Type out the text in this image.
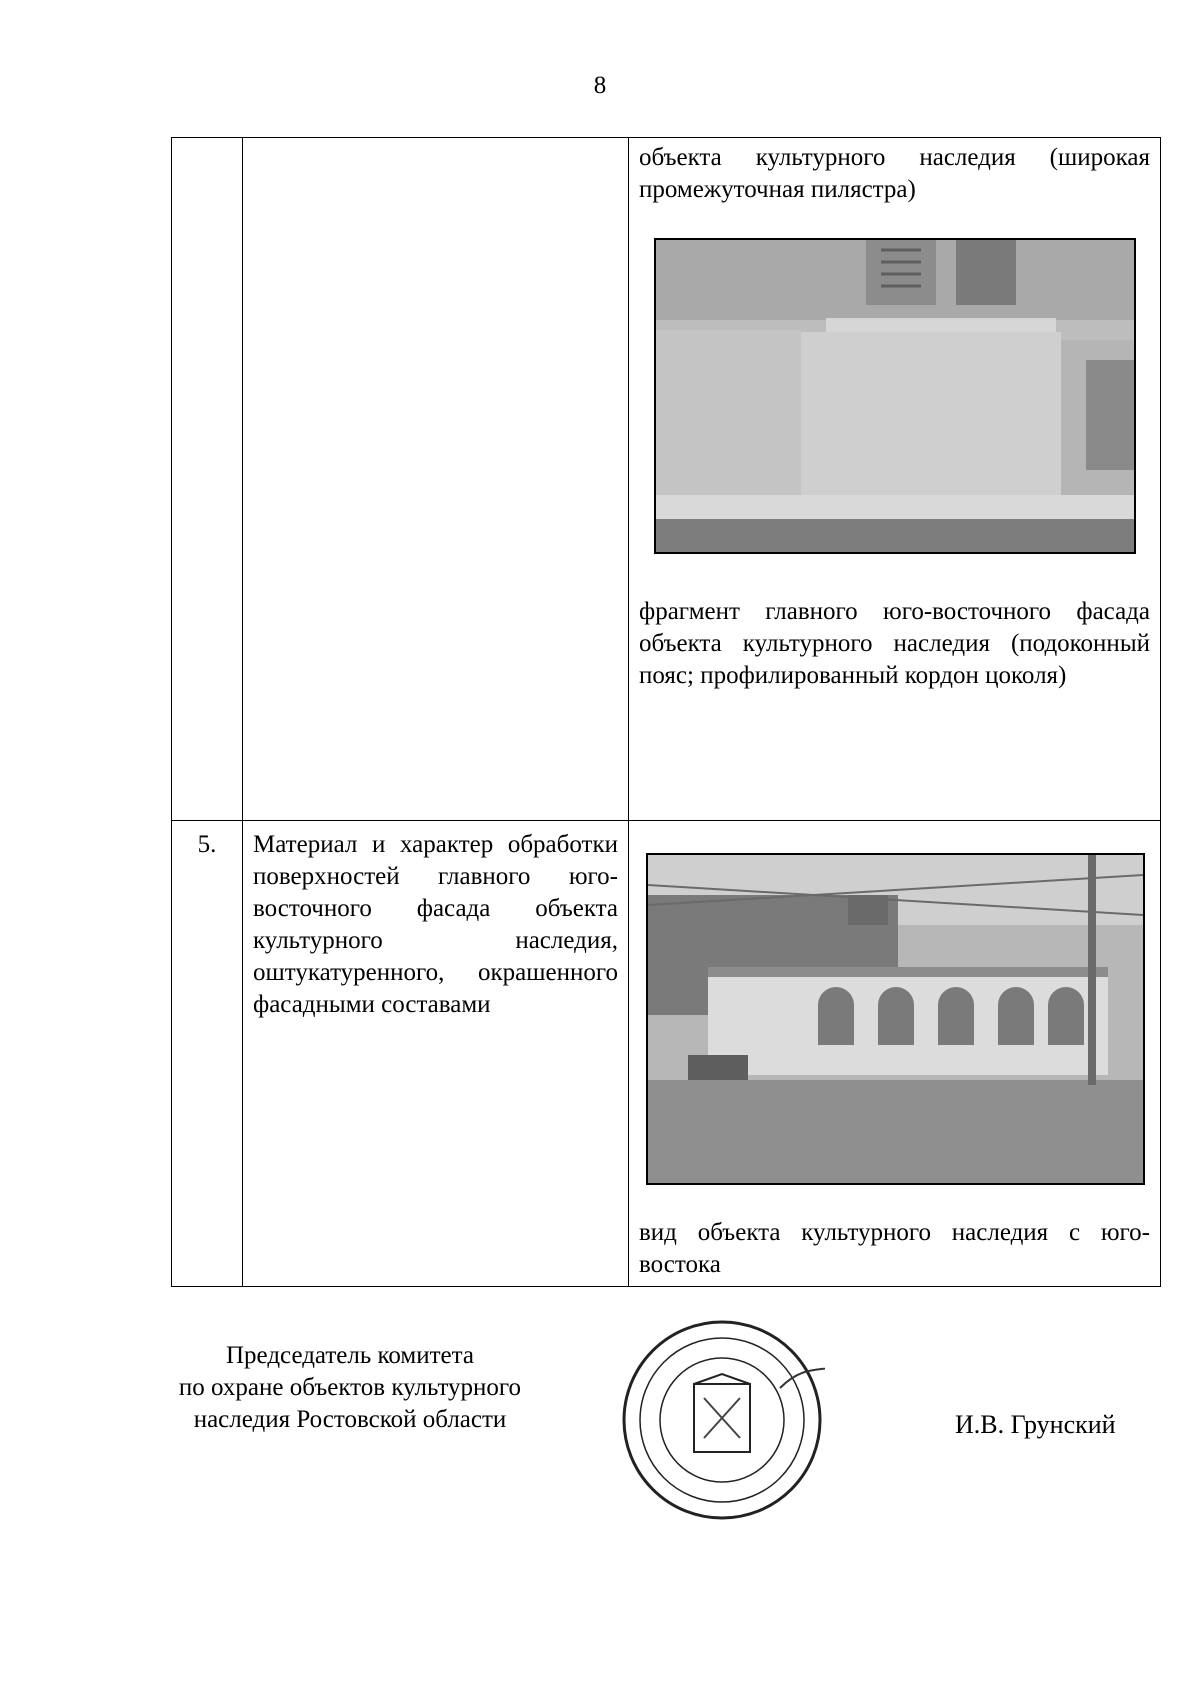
8

		объекта культурного наследия (широкая промежуточная пилястра)
фрагмент главного юго-восточного фасада объекта культурного наследия (подоконный пояс; профилированный кордон цоколя)

5.	Материал и характер обработки поверхностей главного юго-восточного фасада объекта культурного наследия, оштукатуренного, окрашенного фасадными составами	вид объекта культурного наследия с юго-востока
Председатель комитета
по охране объектов культурного
наследия Ростовской области	И.В. Грунский
